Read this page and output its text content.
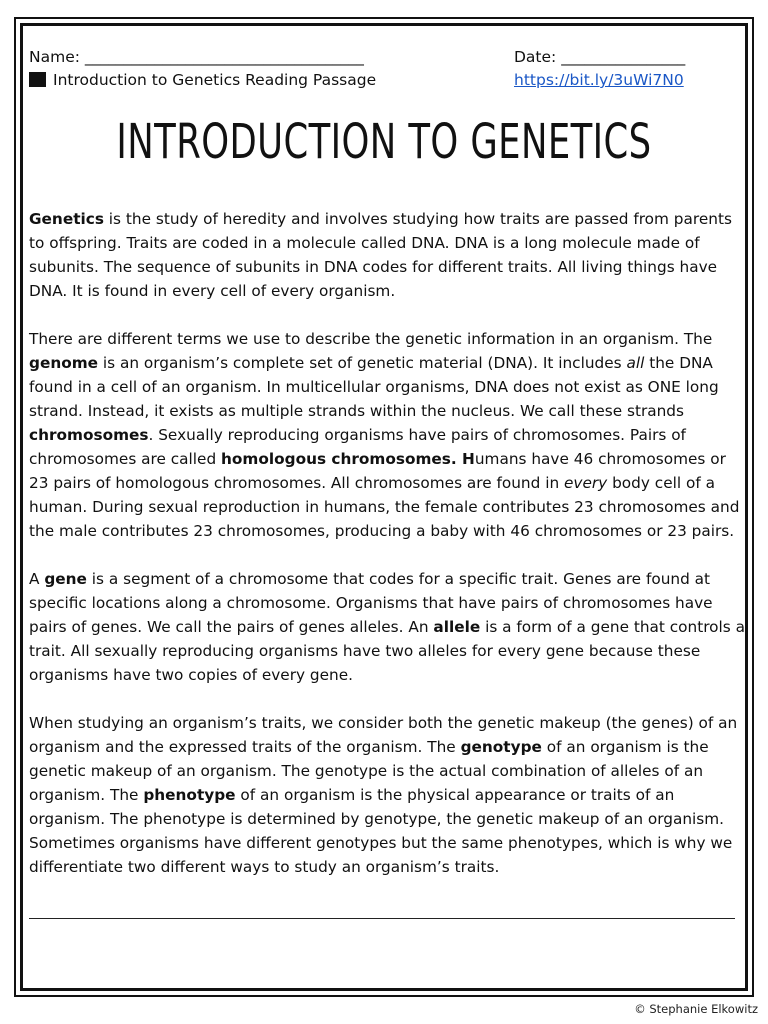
Name: ____________________________________
Introduction to Genetics Reading Passage
Date: ________________
https://bit.ly/3uWi7N0
INTRODUCTION TO GENETICS

Genetics is the study of heredity and involves studying how traits are passed from parents to offspring. Traits are coded in a molecule called DNA. DNA is a long molecule made of subunits. The sequence of subunits in DNA codes for different traits. All living things have DNA. It is found in every cell of every organism.

There are different terms we use to describe the genetic information in an organism. The genome is an organism’s complete set of genetic material (DNA). It includes all the DNA found in a cell of an organism. In multicellular organisms, DNA does not exist as ONE long strand. Instead, it exists as multiple strands within the nucleus. We call these strands chromosomes. Sexually reproducing organisms have pairs of chromosomes. Pairs of chromosomes are called homologous chromosomes. Humans have 46 chromosomes or 23 pairs of homologous chromosomes. All chromosomes are found in every body cell of a human. During sexual reproduction in humans, the female contributes 23 chromosomes and the male contributes 23 chromosomes, producing a baby with 46 chromosomes or 23 pairs.

A gene is a segment of a chromosome that codes for a specific trait. Genes are found at specific locations along a chromosome. Organisms that have pairs of chromosomes have pairs of genes. We call the pairs of genes alleles. An allele is a form of a gene that controls a trait. All sexually reproducing organisms have two alleles for every gene because these organisms have two copies of every gene.

When studying an organism’s traits, we consider both the genetic makeup (the genes) of an organism and the expressed traits of the organism. The genotype of an organism is the genetic makeup of an organism. The genotype is the actual combination of alleles of an organism. The phenotype of an organism is the physical appearance or traits of an organism. The phenotype is determined by genotype, the genetic makeup of an organism. Sometimes organisms have different genotypes but the same phenotypes, which is why we differentiate two different ways to study an organism’s traits.

© Stephanie Elkowitz
